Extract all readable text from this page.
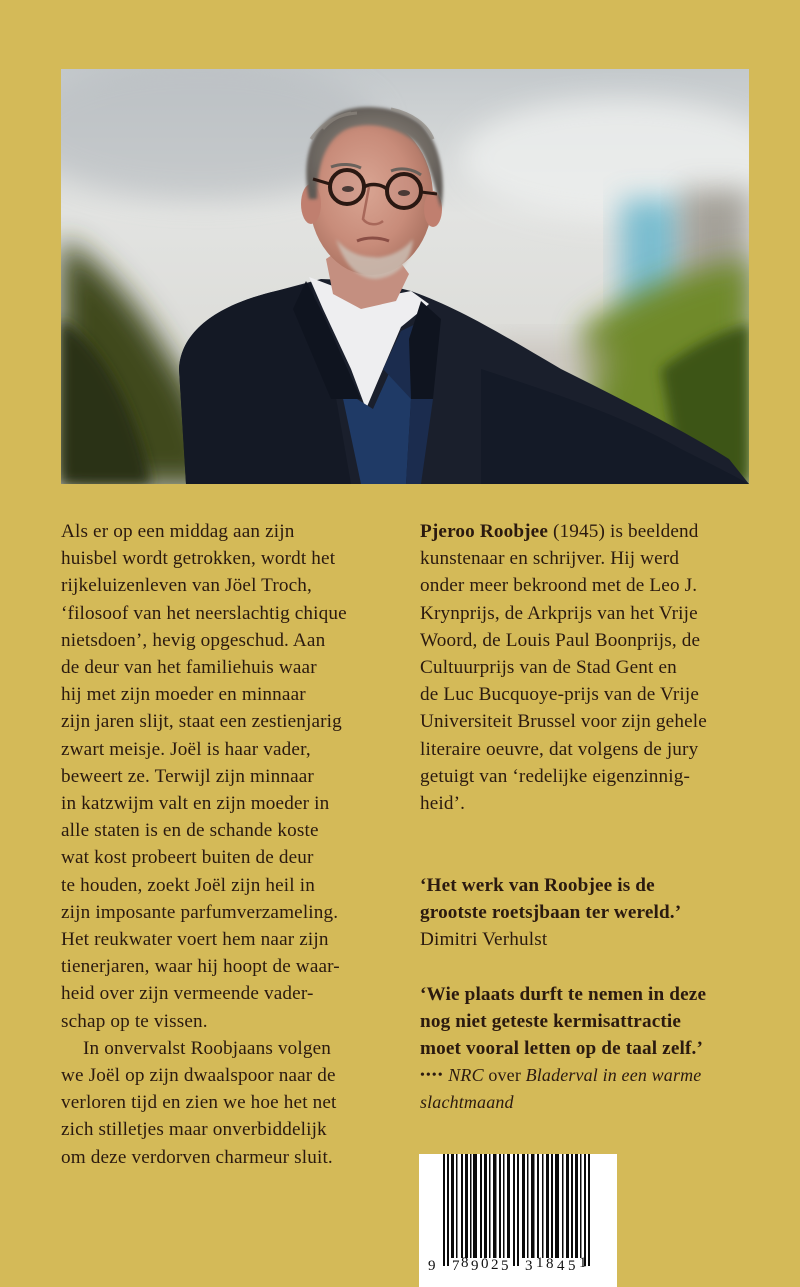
Als er op een middag aan zijn
huisbel wordt getrokken, wordt het
rijkeluizenleven van Jöel Troch,
‘filosoof van het neerslachtig chique
nietsdoen’, hevig opgeschud. Aan
de deur van het familiehuis waar
hij met zijn moeder en minnaar
zijn jaren slijt, staat een zestienjarig
zwart meisje. Joël is haar vader,
beweert ze. Terwijl zijn minnaar
in katzwijm valt en zijn moeder in
alle staten is en de schande koste
wat kost probeert buiten de deur
te houden, zoekt Joël zijn heil in
zijn imposante parfumverzameling.
Het reukwater voert hem naar zijn
tienerjaren, waar hij hoopt de waar-
heid over zijn vermeende vader-
schap op te vissen.
In onvervalst Roobjaans volgen
we Joël op zijn dwaalspoor naar de
verloren tijd en zien we hoe het net
zich stilletjes maar onverbiddelijk
om deze verdorven charmeur sluit.
Pjeroo Roobjee (1945) is beeldend
kunstenaar en schrijver. Hij werd
onder meer bekroond met de Leo J.
Krynprijs, de Arkprijs van het Vrije
Woord, de Louis Paul Boonprijs, de
Cultuurprijs van de Stad Gent en
de Luc Bucquoye-prijs van de Vrije
Universiteit Brussel voor zijn gehele
literaire oeuvre, dat volgens de jury
getuigt van ‘redelijke eigenzinnig-
heid’.
‘Het werk van Roobjee is de
grootste roetsjbaan ter wereld.’
Dimitri Verhulst
‘Wie plaats durft te nemen in deze
nog niet geteste kermisattractie
moet vooral letten op de taal zelf.’
•••• NRC over Bladerval in een warme
slachtmaand
9 7 8 9 0 2 5 3 1 8 4 5 1
